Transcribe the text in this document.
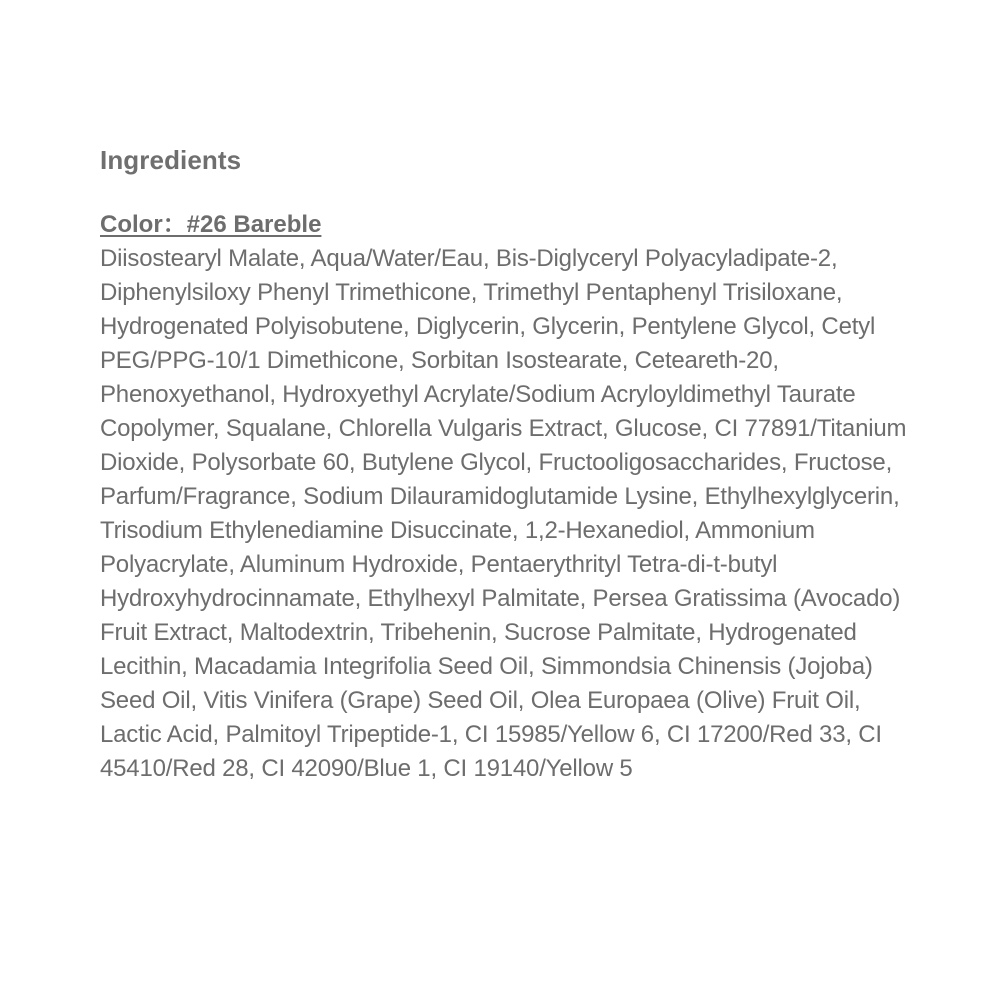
Ingredients

Color：#26 Bareble

Diisostearyl Malate, Aqua/Water/Eau, Bis-Diglyceryl Polyacyladipate-2, Diphenylsiloxy Phenyl Trimethicone, Trimethyl Pentaphenyl Trisiloxane, Hydrogenated Polyisobutene, Diglycerin, Glycerin, Pentylene Glycol, Cetyl PEG/PPG-10/1 Dimethicone, Sorbitan Isostearate, Ceteareth-20, Phenoxyethanol, Hydroxyethyl Acrylate/Sodium Acryloyldimethyl Taurate Copolymer, Squalane, Chlorella Vulgaris Extract, Glucose, CI 77891/Titanium Dioxide, Polysorbate 60, Butylene Glycol, Fructooligosaccharides, Fructose, Parfum/Fragrance, Sodium Dilauramidoglutamide Lysine, Ethylhexylglycerin, Trisodium Ethylenediamine Disuccinate, 1,2-Hexanediol, Ammonium Polyacrylate, Aluminum Hydroxide, Pentaerythrityl Tetra-di-t-butyl Hydroxyhydrocinnamate, Ethylhexyl Palmitate, Persea Gratissima (Avocado) Fruit Extract, Maltodextrin, Tribehenin, Sucrose Palmitate, Hydrogenated Lecithin, Macadamia Integrifolia Seed Oil, Simmondsia Chinensis (Jojoba) Seed Oil, Vitis Vinifera (Grape) Seed Oil, Olea Europaea (Olive) Fruit Oil, Lactic Acid, Palmitoyl Tripeptide-1, CI 15985/Yellow 6, CI 17200/Red 33, CI 45410/Red 28, CI 42090/Blue 1, CI 19140/Yellow 5
